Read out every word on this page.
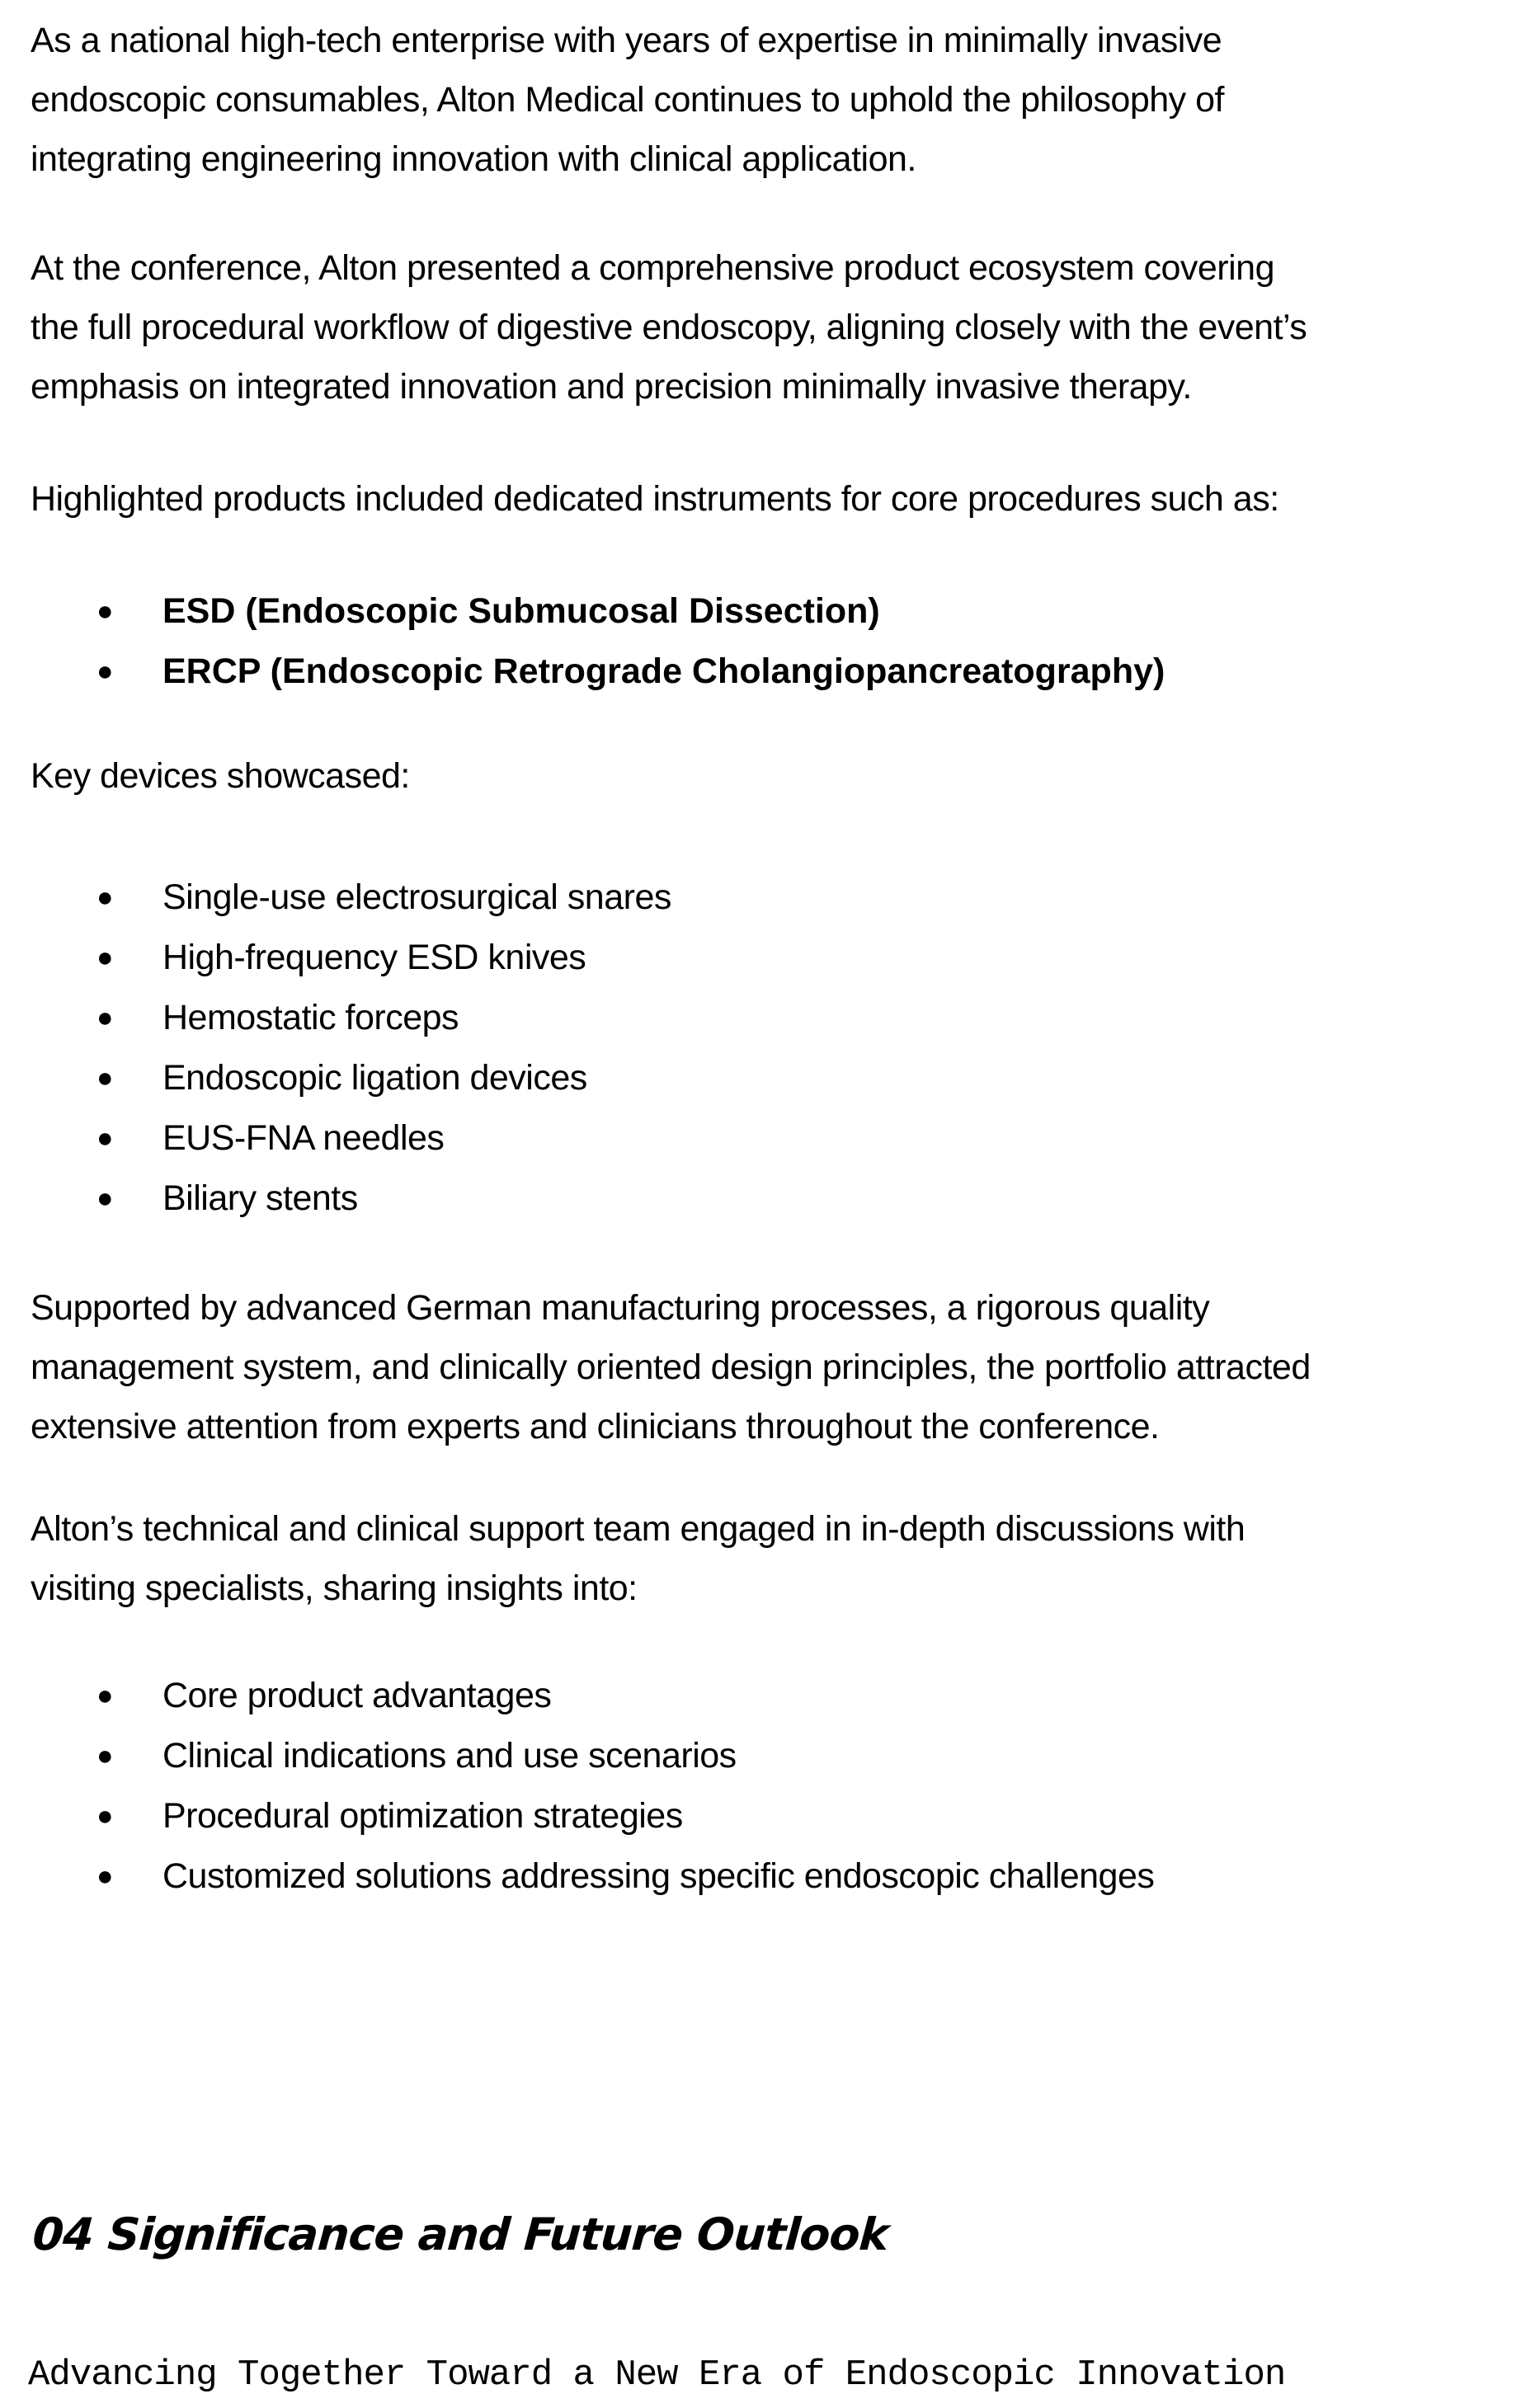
As a national high-tech enterprise with years of expertise in minimally invasive
endoscopic consumables, Alton Medical continues to uphold the philosophy of
integrating engineering innovation with clinical application.
At the conference, Alton presented a comprehensive product ecosystem covering
the full procedural workflow of digestive endoscopy, aligning closely with the event’s
emphasis on integrated innovation and precision minimally invasive therapy.
Highlighted products included dedicated instruments for core procedures such as:
● ESD (Endoscopic Submucosal Dissection)
● ERCP (Endoscopic Retrograde Cholangiopancreatography)
Key devices showcased:
● Single-use electrosurgical snares
● High-frequency ESD knives
● Hemostatic forceps
● Endoscopic ligation devices
● EUS-FNA needles
● Biliary stents
Supported by advanced German manufacturing processes, a rigorous quality
management system, and clinically oriented design principles, the portfolio attracted
extensive attention from experts and clinicians throughout the conference.
Alton’s technical and clinical support team engaged in in-depth discussions with
visiting specialists, sharing insights into:
● Core product advantages
● Clinical indications and use scenarios
● Procedural optimization strategies
● Customized solutions addressing specific endoscopic challenges
04 Significance and Future Outlook
Advancing Together Toward a New Era of Endoscopic Innovation
